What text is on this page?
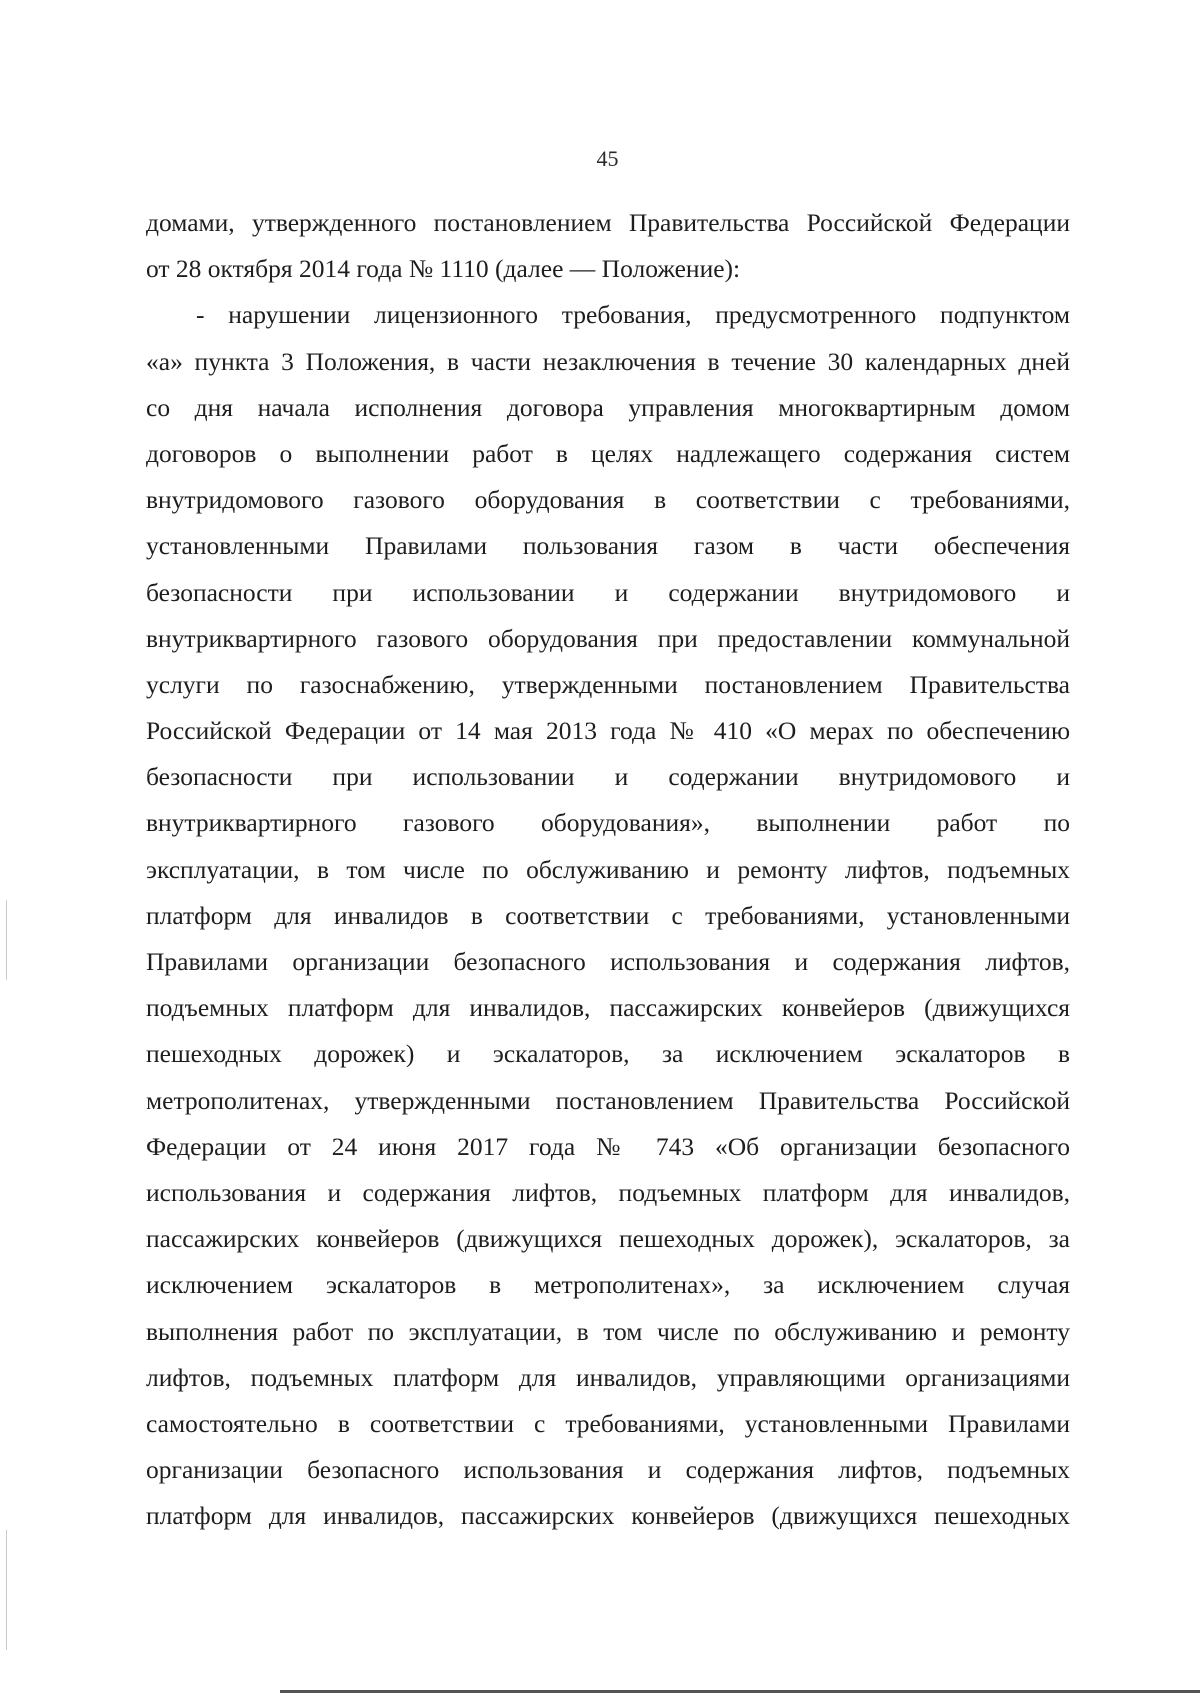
45
домами, утвержденного постановлением Правительства Российской Федерации
от 28 октября 2014 года № 1110 (далее — Положение):
- нарушении лицензионного требования, предусмотренного подпунктом
«а» пункта 3 Положения, в части незаключения в течение 30 календарных дней
со дня начала исполнения договора управления многоквартирным домом
договоров о выполнении работ в целях надлежащего содержания систем
внутридомового газового оборудования в соответствии с требованиями,
установленными Правилами пользования газом в части обеспечения
безопасности при использовании и содержании внутридомового и
внутриквартирного газового оборудования при предоставлении коммунальной
услуги по газоснабжению, утвержденными постановлением Правительства
Российской Федерации от 14 мая 2013 года № 410 «О мерах по обеспечению
безопасности при использовании и содержании внутридомового и
внутриквартирного газового оборудования», выполнении работ по
эксплуатации, в том числе по обслуживанию и ремонту лифтов, подъемных
платформ для инвалидов в соответствии с требованиями, установленными
Правилами организации безопасного использования и содержания лифтов,
подъемных платформ для инвалидов, пассажирских конвейеров (движущихся
пешеходных дорожек) и эскалаторов, за исключением эскалаторов в
метрополитенах, утвержденными постановлением Правительства Российской
Федерации от 24 июня 2017 года № 743 «Об организации безопасного
использования и содержания лифтов, подъемных платформ для инвалидов,
пассажирских конвейеров (движущихся пешеходных дорожек), эскалаторов, за
исключением эскалаторов в метрополитенах», за исключением случая
выполнения работ по эксплуатации, в том числе по обслуживанию и ремонту
лифтов, подъемных платформ для инвалидов, управляющими организациями
самостоятельно в соответствии с требованиями, установленными Правилами
организации безопасного использования и содержания лифтов, подъемных
платформ для инвалидов, пассажирских конвейеров (движущихся пешеходных
